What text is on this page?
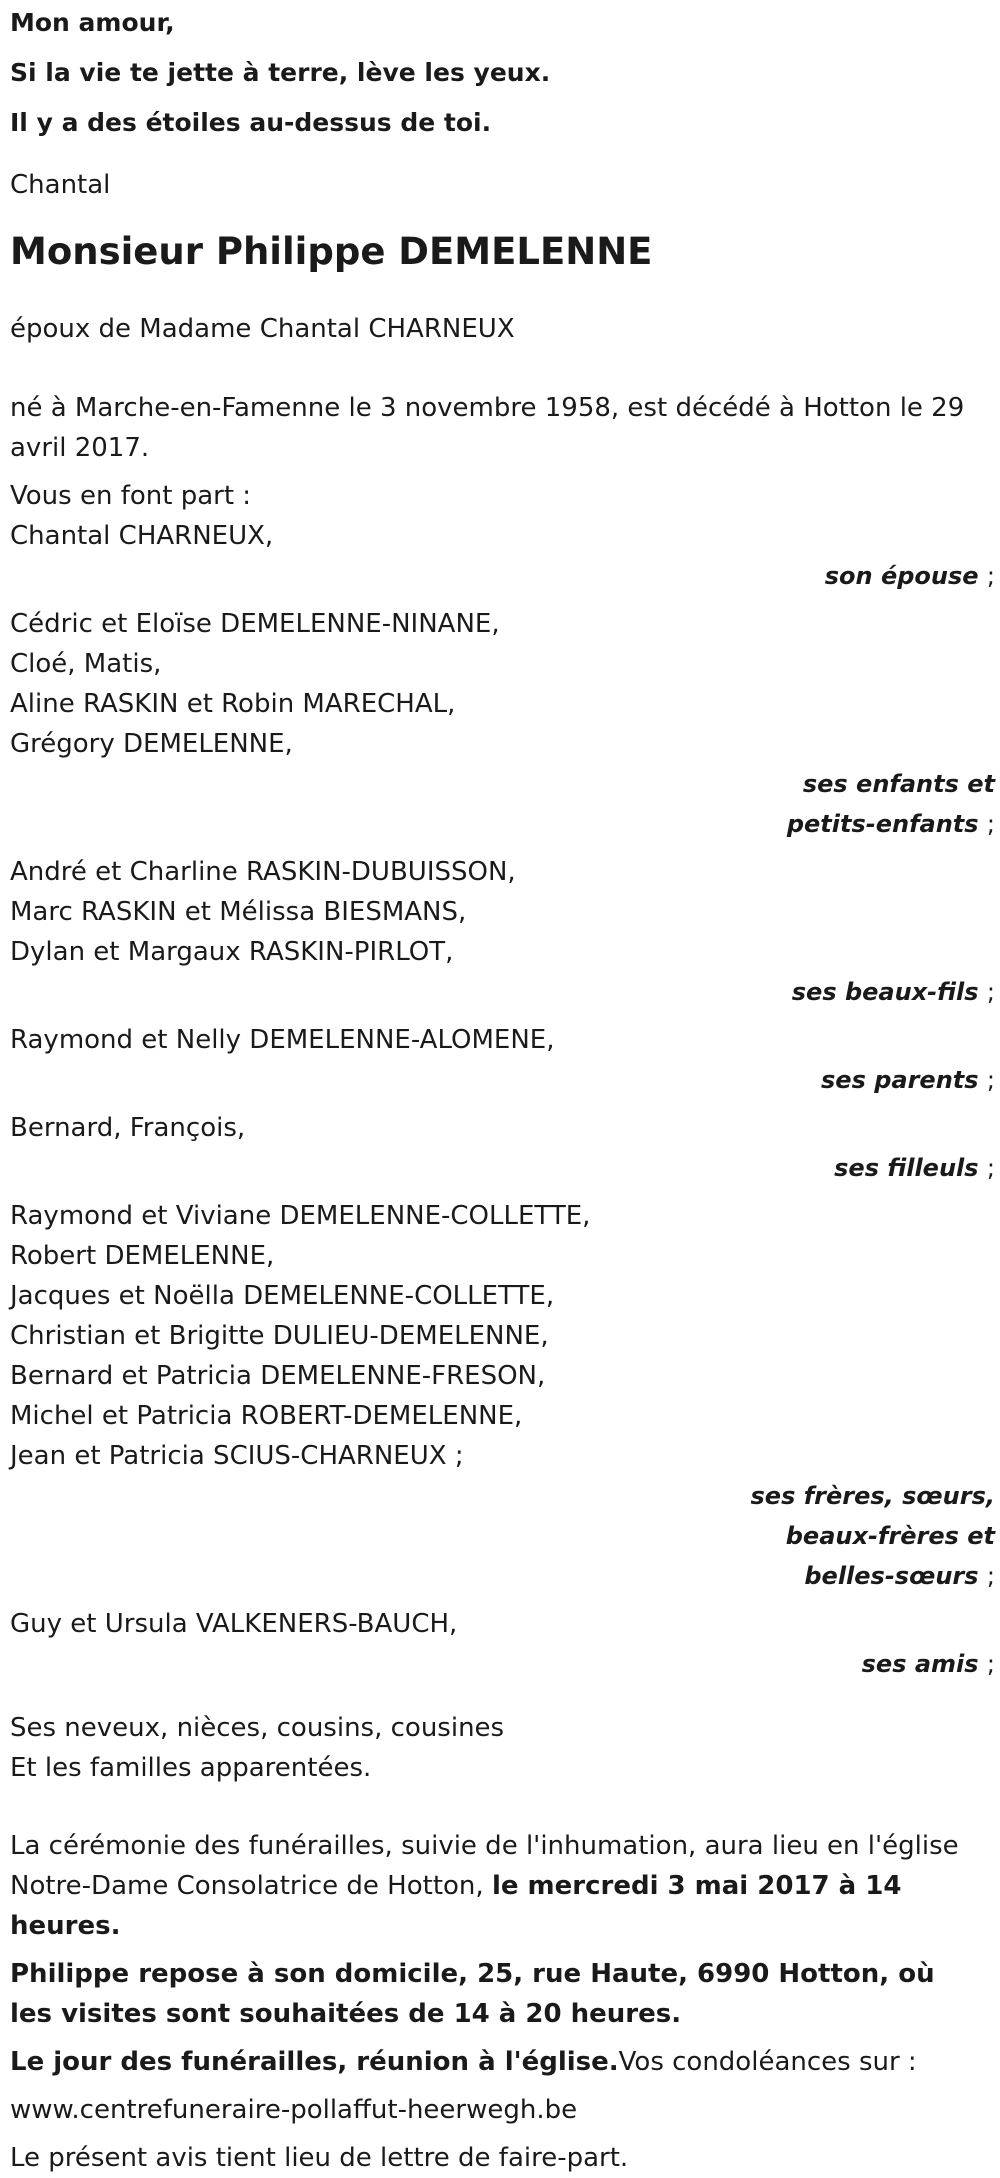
Mon amour,
Si la vie te jette à terre, lève les yeux.
Il y a des étoiles au-dessus de toi.
Chantal
Monsieur Philippe DEMELENNE
époux de Madame Chantal CHARNEUX
né à Marche-en-Famenne le 3 novembre 1958, est décédé à Hotton le 29 avril 2017.
Vous en font part :
Chantal CHARNEUX,
son épouse ;
Cédric et Eloïse DEMELENNE-NINANE,
Cloé, Matis,
Aline RASKIN et Robin MARECHAL,
Grégory DEMELENNE,
ses enfants et
petits-enfants ;
André et Charline RASKIN-DUBUISSON,
Marc RASKIN et Mélissa BIESMANS,
Dylan et Margaux RASKIN-PIRLOT,
ses beaux-fils ;
Raymond et Nelly DEMELENNE-ALOMENE,
ses parents ;
Bernard, François,
ses filleuls ;
Raymond et Viviane DEMELENNE-COLLETTE,
Robert DEMELENNE,
Jacques et Noëlla DEMELENNE-COLLETTE,
Christian et Brigitte DULIEU-DEMELENNE,
Bernard et Patricia DEMELENNE-FRESON,
Michel et Patricia ROBERT-DEMELENNE,
Jean et Patricia SCIUS-CHARNEUX ;
ses frères, sœurs,
beaux-frères et
belles-sœurs ;
Guy et Ursula VALKENERS-BAUCH,
ses amis ;
Ses neveux, nièces, cousins, cousines
Et les familles apparentées.
La cérémonie des funérailles, suivie de l'inhumation, aura lieu en l'église Notre-Dame Consolatrice de Hotton, le mercredi 3 mai 2017 à 14 heures.
Philippe repose à son domicile, 25, rue Haute, 6990 Hotton, où les visites sont souhaitées de 14 à 20 heures.
Le jour des funérailles, réunion à l'église.Vos condoléances sur :
www.centrefuneraire-pollaffut-heerwegh.be
Le présent avis tient lieu de lettre de faire-part.
